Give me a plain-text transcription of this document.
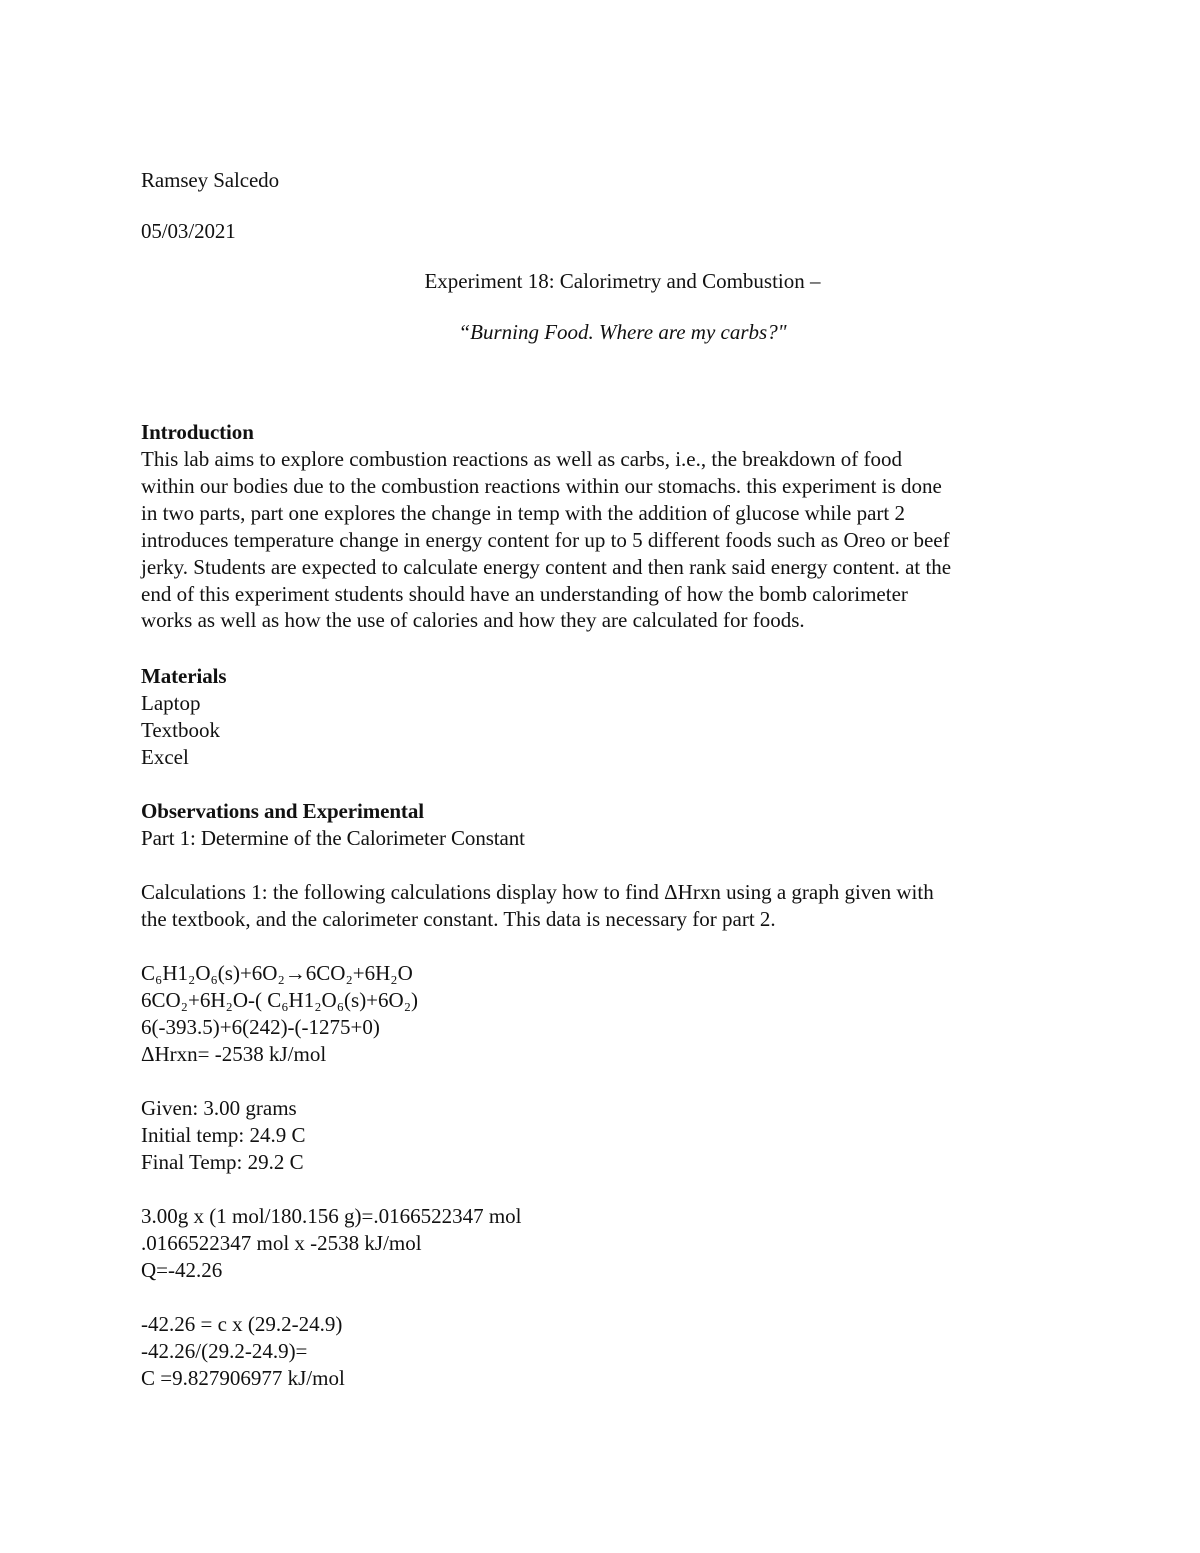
Ramsey Salcedo
05/03/2021
Experiment 18: Calorimetry and Combustion –
“Burning Food. Where are my carbs?"
Introduction
This lab aims to explore combustion reactions as well as carbs, i.e., the breakdown of food
within our bodies due to the combustion reactions within our stomachs. this experiment is done
in two parts, part one explores the change in temp with the addition of glucose while part 2
introduces temperature change in energy content for up to 5 different foods such as Oreo or beef
jerky. Students are expected to calculate energy content and then rank said energy content. at the
end of this experiment students should have an understanding of how the bomb calorimeter
works as well as how the use of calories and how they are calculated for foods.
Materials
Laptop
Textbook
Excel
Observations and Experimental
Part 1: Determine of the Calorimeter Constant
Calculations 1: the following calculations display how to find ΔHrxn using a graph given with
the textbook, and the calorimeter constant. This data is necessary for part 2.
C₆H1₂O₆(s)+6O₂→6CO₂+6H₂O
6CO₂+6H₂O-( C₆H1₂O₆(s)+6O₂)
6(-393.5)+6(242)-(-1275+0)
ΔHrxn= -2538 kJ/mol
Given: 3.00 grams
Initial temp: 24.9 C
Final Temp: 29.2 C
3.00g x (1 mol/180.156 g)=.0166522347 mol
.0166522347 mol x -2538 kJ/mol
Q=-42.26
-42.26 = c x (29.2-24.9)
-42.26/(29.2-24.9)=
C =9.827906977 kJ/mol
